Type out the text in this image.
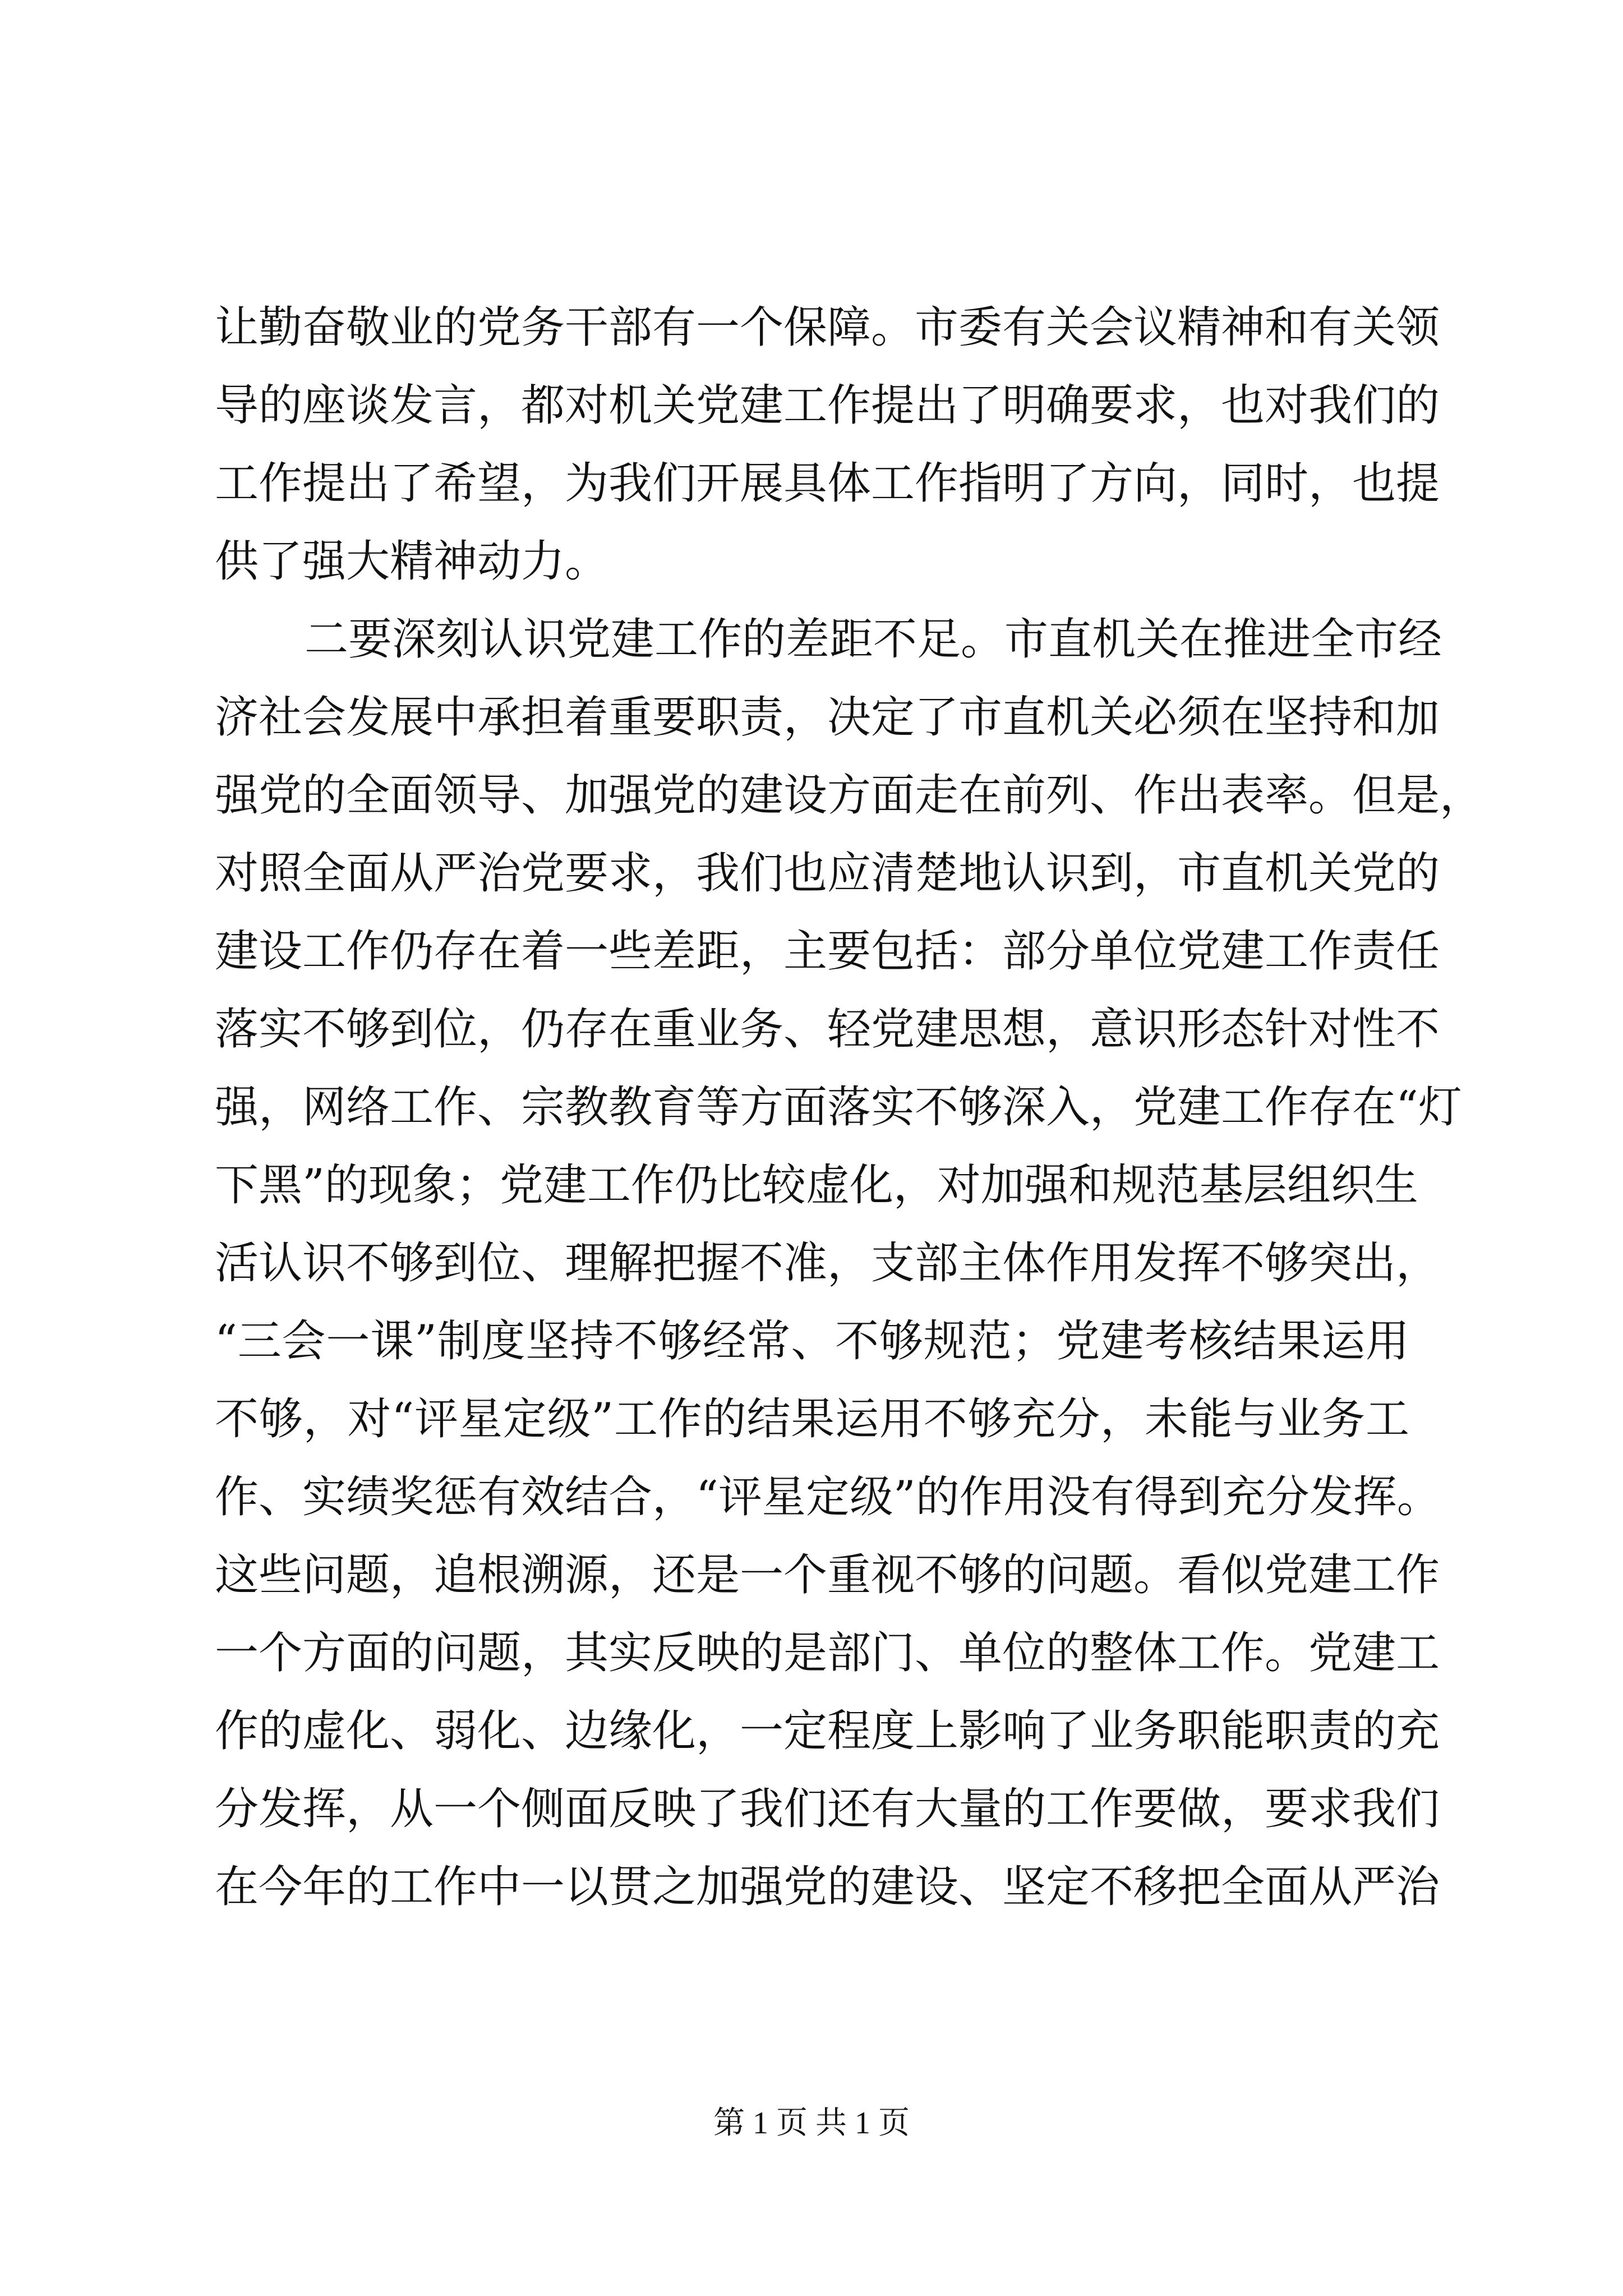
让勤奋敬业的党务干部有一个保障。市委有关会议精神和有关领
导的座谈发言，都对机关党建工作提出了明确要求，也对我们的
工作提出了希望，为我们开展具体工作指明了方向，同时，也提
供了强大精神动力。
二要深刻认识党建工作的差距不足。市直机关在推进全市经
济社会发展中承担着重要职责，决定了市直机关必须在坚持和加
强党的全面领导、加强党的建设方面走在前列、作出表率。但是，
对照全面从严治党要求，我们也应清楚地认识到，市直机关党的
建设工作仍存在着一些差距，主要包括：部分单位党建工作责任
落实不够到位，仍存在重业务、轻党建思想，意识形态针对性不
强，网络工作、宗教教育等方面落实不够深入，党建工作存在“灯
下黑”的现象；党建工作仍比较虚化，对加强和规范基层组织生
活认识不够到位、理解把握不准，支部主体作用发挥不够突出，
“三会一课”制度坚持不够经常、不够规范；党建考核结果运用
不够，对“评星定级”工作的结果运用不够充分，未能与业务工
作、实绩奖惩有效结合，“评星定级”的作用没有得到充分发挥。
这些问题，追根溯源，还是一个重视不够的问题。看似党建工作
一个方面的问题，其实反映的是部门、单位的整体工作。党建工
作的虚化、弱化、边缘化，一定程度上影响了业务职能职责的充
分发挥，从一个侧面反映了我们还有大量的工作要做，要求我们
在今年的工作中一以贯之加强党的建设、坚定不移把全面从严治
第 1 页 共 1 页
